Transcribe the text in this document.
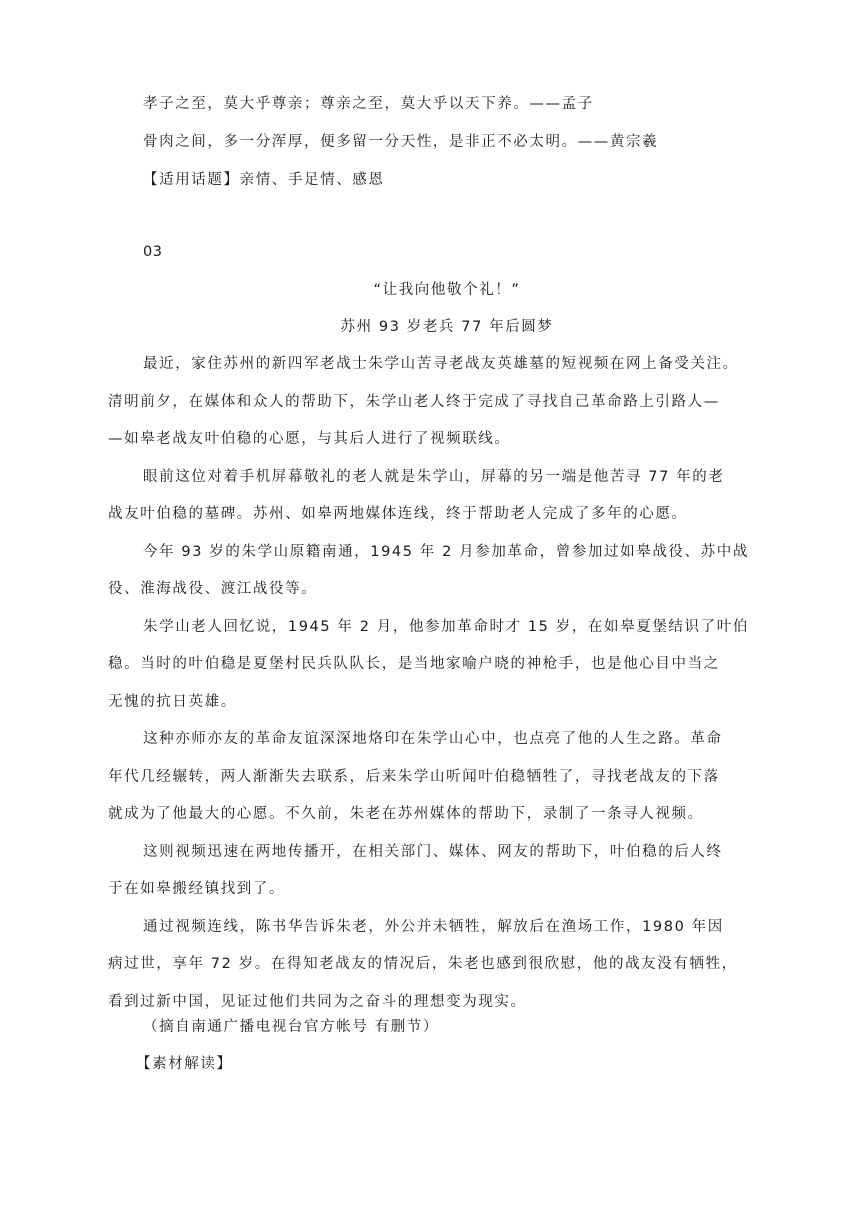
孝子之至，莫大乎尊亲；尊亲之至，莫大乎以天下养。——孟子
骨肉之间，多一分浑厚，便多留一分天性，是非正不必太明。——黄宗羲
【适用话题】亲情、手足情、感恩
03
“让我向他敬个礼！”
苏州 93 岁老兵 77 年后圆梦
最近，家住苏州的新四军老战士朱学山苦寻老战友英雄墓的短视频在网上备受关注。
清明前夕，在媒体和众人的帮助下，朱学山老人终于完成了寻找自己革命路上引路人—
—如皋老战友叶伯稳的心愿，与其后人进行了视频联线。
眼前这位对着手机屏幕敬礼的老人就是朱学山，屏幕的另一端是他苦寻 77 年的老
战友叶伯稳的墓碑。苏州、如皋两地媒体连线，终于帮助老人完成了多年的心愿。
今年 93 岁的朱学山原籍南通，1945 年 2 月参加革命，曾参加过如皋战役、苏中战
役、淮海战役、渡江战役等。
朱学山老人回忆说，1945 年 2 月，他参加革命时才 15 岁，在如皋夏堡结识了叶伯
稳。当时的叶伯稳是夏堡村民兵队队长，是当地家喻户晓的神枪手，也是他心目中当之
无愧的抗日英雄。
这种亦师亦友的革命友谊深深地烙印在朱学山心中，也点亮了他的人生之路。革命
年代几经辗转，两人渐渐失去联系，后来朱学山听闻叶伯稳牺牲了，寻找老战友的下落
就成为了他最大的心愿。不久前，朱老在苏州媒体的帮助下，录制了一条寻人视频。
这则视频迅速在两地传播开，在相关部门、媒体、网友的帮助下，叶伯稳的后人终
于在如皋搬经镇找到了。
通过视频连线，陈书华告诉朱老，外公并未牺牲，解放后在渔场工作，1980 年因
病过世，享年 72 岁。在得知老战友的情况后，朱老也感到很欣慰，他的战友没有牺牲，
看到过新中国，见证过他们共同为之奋斗的理想变为现实。
（摘自南通广播电视台官方帐号 有删节）
【素材解读】
